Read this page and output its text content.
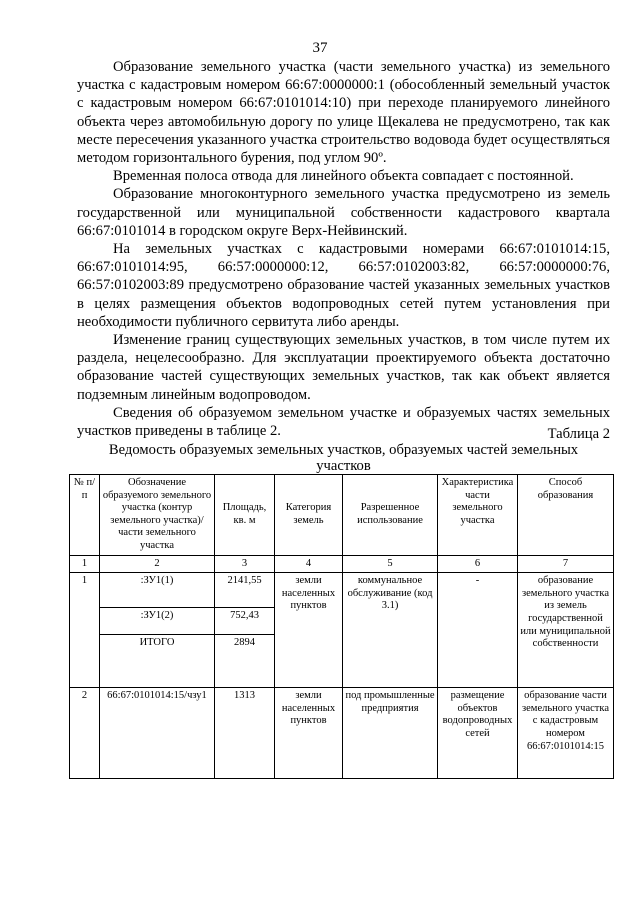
37

Образование земельного участка (части земельного участка) из земельного участка с кадастровым номером 66:67:0000000:1 (обособленный земельный участок с кадастровым номером 66:67:0101014:10) при переходе планируемого линейного объекта через автомобильную дорогу по улице Щекалева не предусмотрено, так как месте пересечения указанного участка строительство водовода будет осуществляться методом горизонтального бурения, под углом 90º.

Временная полоса отвода для линейного объекта совпадает с постоянной.

Образование многоконтурного земельного участка предусмотрено из земель государственной или муниципальной собственности кадастрового квартала 66:67:0101014 в городском округе Верх-Нейвинский.

На земельных участках с кадастровыми номерами 66:67:0101014:15, 66:67:0101014:95, 66:57:0000000:12, 66:57:0102003:82, 66:57:0000000:76, 66:57:0102003:89 предусмотрено образование частей указанных земельных участков в целях размещения объектов водопроводных сетей путем установления при необходимости публичного сервитута либо аренды.

Изменение границ существующих земельных участков, в том числе путем их раздела, нецелесообразно. Для эксплуатации проектируемого объекта достаточно образование частей существующих земельных участков, так как объект является подземным линейным водопроводом.

Сведения об образуемом земельном участке и образуемых частях земельных участков приведены в таблице 2.	Таблица 2
Ведомость образуемых земельных участков, образуемых частей земельных участков
№ п/п	Обозначение образуемого земельного участка (контур земельного участка)/части земельного участка	Площадь, кв. м	Категория земель	Разрешенное использование	Характеристика части земельного участка	Способ образования
1	2	3	4	5	6	7
1	:ЗУ1(1)	2141,55	земли населенных пунктов	коммунальное обслуживание (код 3.1)	-	образование земельного участка из земель государственной или муниципальной собственности
	:ЗУ1(2)	752,43				
	ИТОГО	2894				
2	66:67:0101014:15/чзу1	1313	земли населенных пунктов	под промышленные предприятия	размещение объектов водопроводных сетей	образование части земельного участка с кадастровым номером 66:67:0101014:15
